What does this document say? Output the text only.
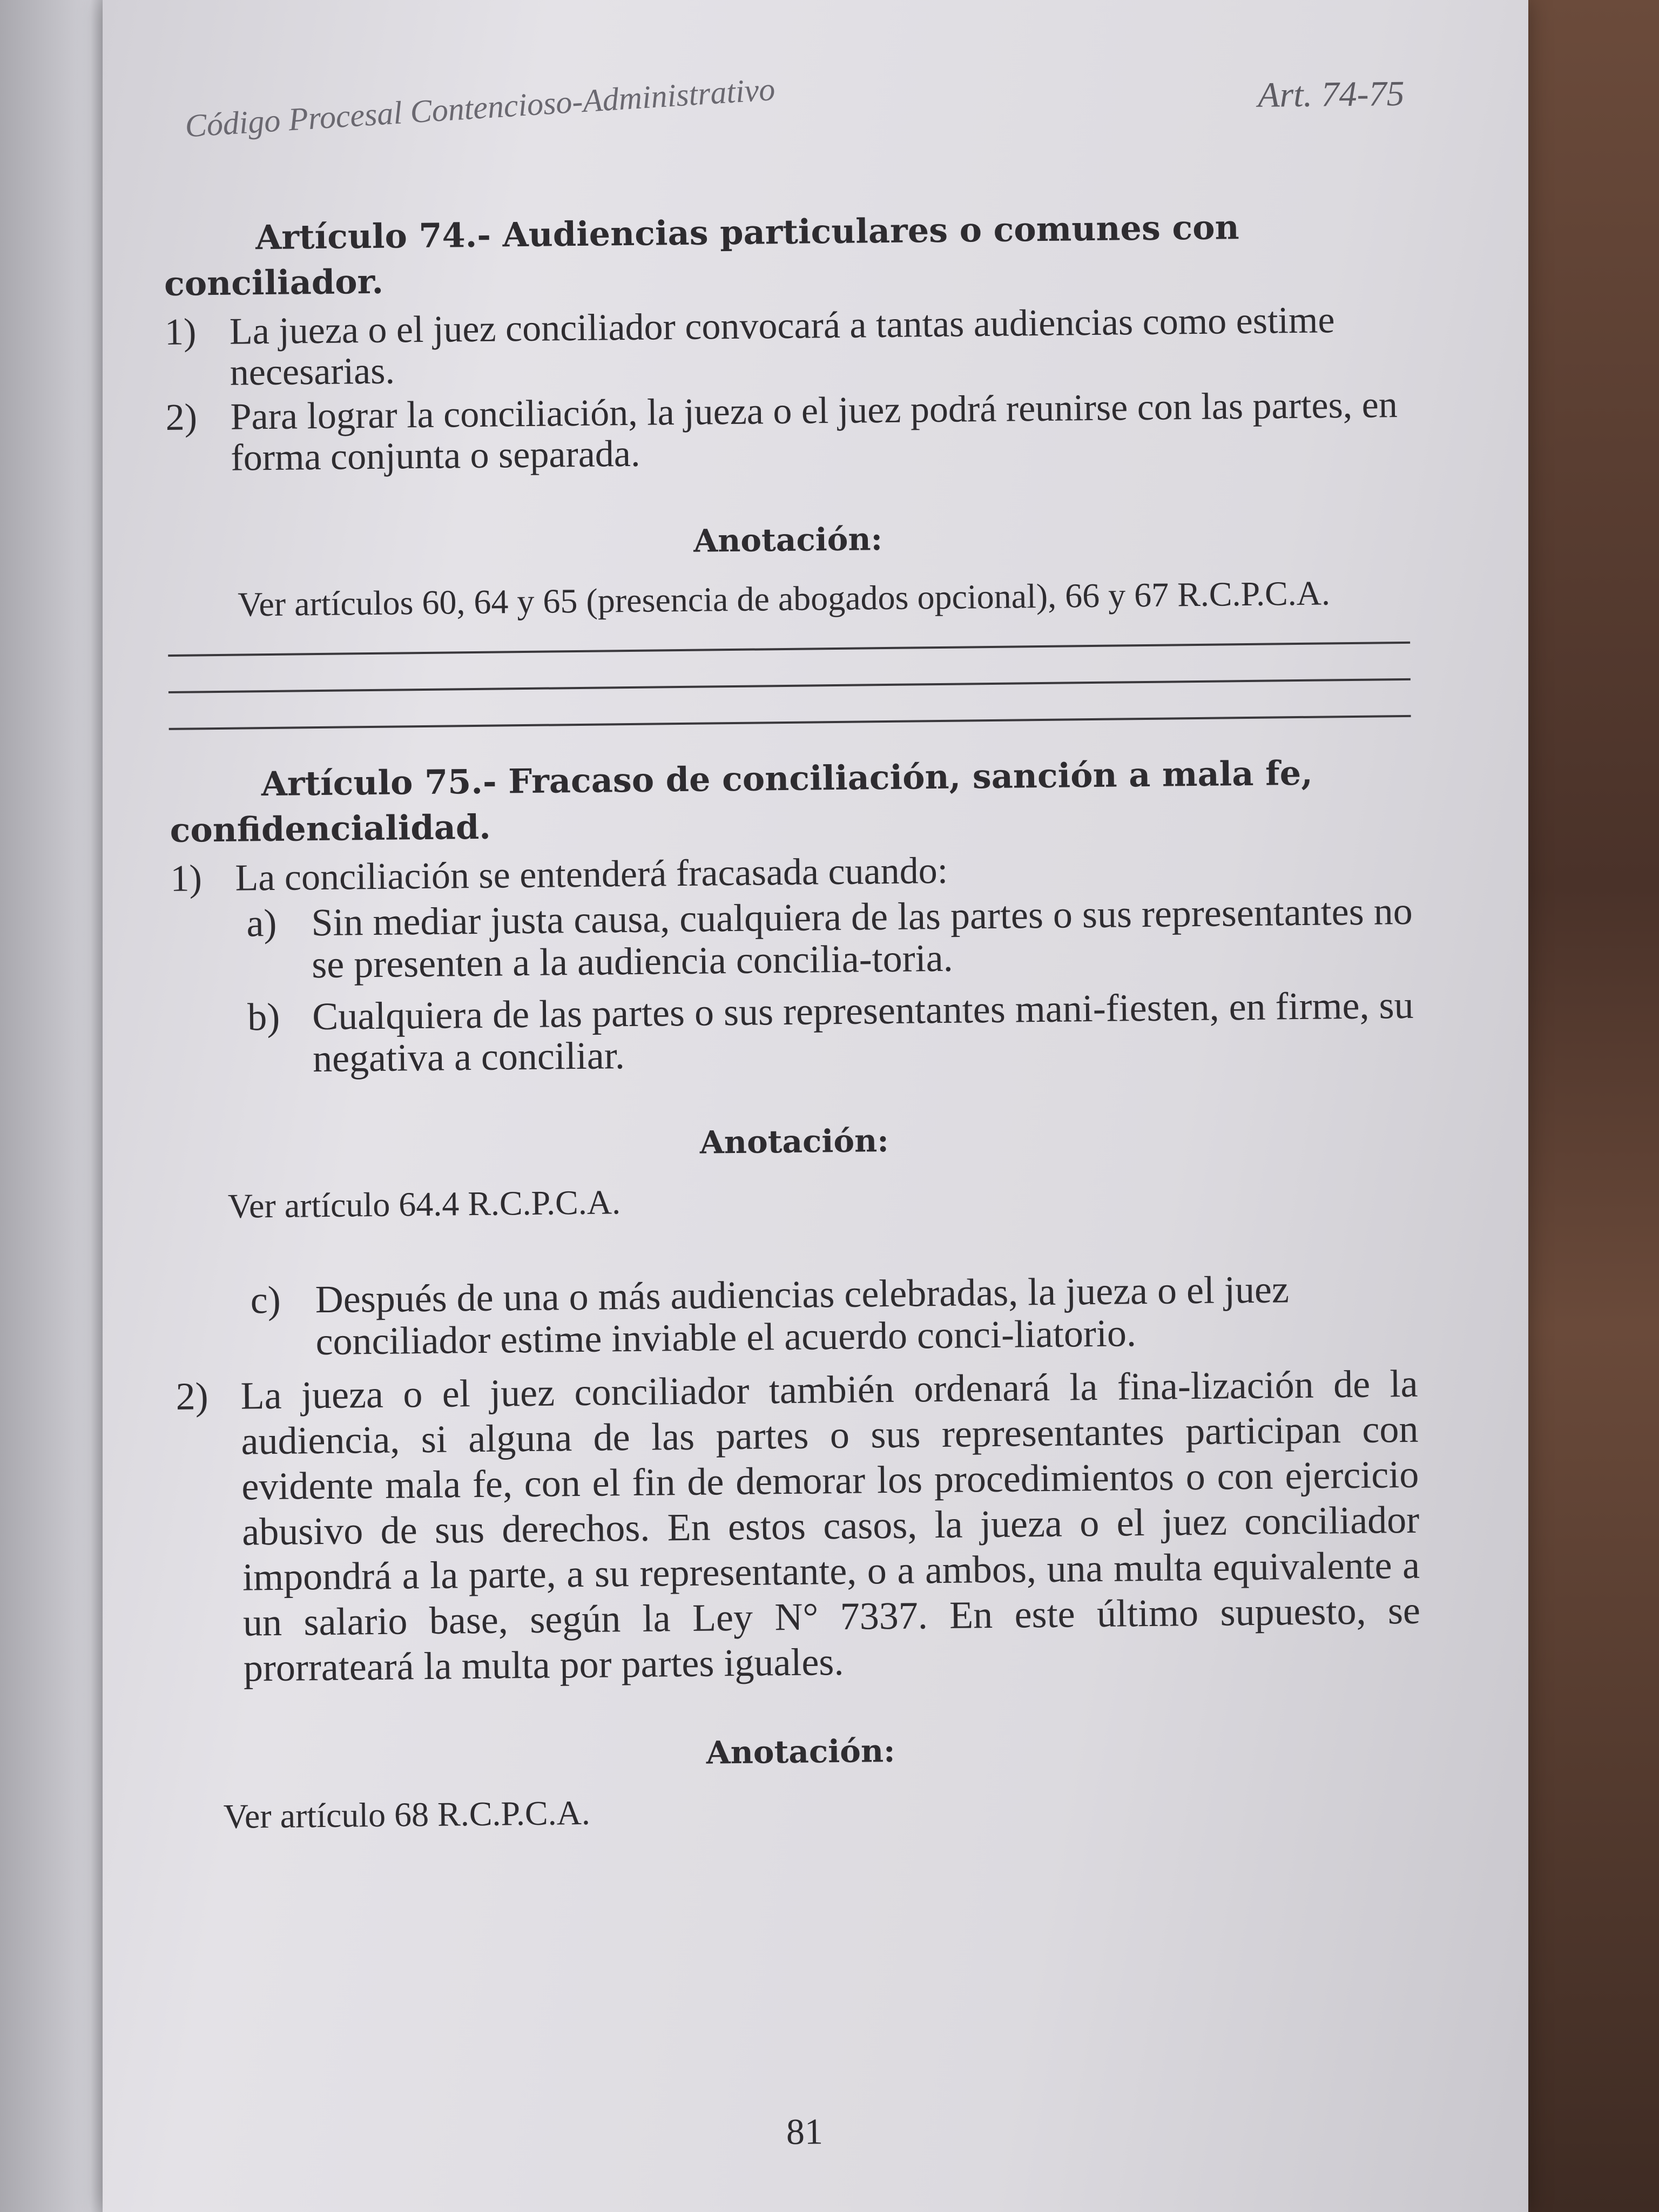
Código Procesal Contencioso-Administrativo	Art. 74-75
Artículo 74.- Audiencias particulares o comunes con conciliador.
1) La jueza o el juez conciliador convocará a tantas audiencias como estime necesarias.
2) Para lograr la conciliación, la jueza o el juez podrá reunirse con las partes, en forma conjunta o separada.
Anotación:

Ver artículos 60, 64 y 65 (presencia de abogados opcional), 66 y 67 R.C.P.C.A.

Artículo 75.- Fracaso de conciliación, sanción a mala fe, confidencialidad.
1) La conciliación se entenderá fracasada cuando:
a) Sin mediar justa causa, cualquiera de las partes o sus representantes no se presenten a la audiencia concilia-toria.
b) Cualquiera de las partes o sus representantes mani-fiesten, en firme, su negativa a conciliar.
Anotación:

Ver artículo 64.4 R.C.P.C.A.

c) Después de una o más audiencias celebradas, la jueza o el juez conciliador estime inviable el acuerdo conci-liatorio.
2) La jueza o el juez conciliador también ordenará la fina-lización de la audiencia, si alguna de las partes o sus representantes participan con evidente mala fe, con el fin de demorar los procedimientos o con ejercicio abusivo de sus derechos. En estos casos, la jueza o el juez conciliador impondrá a la parte, a su representante, o a ambos, una multa equivalente a un salario base, según la Ley N° 7337. En este último supuesto, se prorrateará la multa por partes iguales.
Anotación:

Ver artículo 68 R.C.P.C.A.

81
